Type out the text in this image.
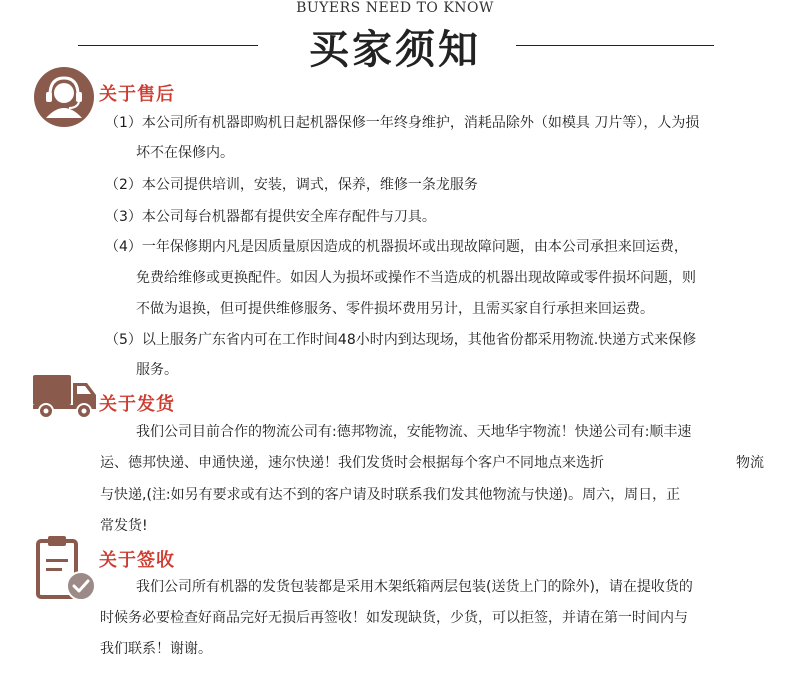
BUYERS NEED TO KNOW
买家须知
关于售后
（1）本公司所有机器即购机日起机器保修一年终身维护，消耗品除外（如模具 刀片等），人为损
坏不在保修内。
（2）本公司提供培训，安装，调式，保养，维修一条龙服务
（3）本公司每台机器都有提供安全库存配件与刀具。
（4）一年保修期内凡是因质量原因造成的机器损坏或出现故障问题，由本公司承担来回运费，
免费给维修或更换配件。如因人为损坏或操作不当造成的机器出现故障或零件损坏问题，则
不做为退换，但可提供维修服务、零件损坏费用另计，且需买家自行承担来回运费。
（5）以上服务广东省内可在工作时间48小时内到达现场，其他省份都采用物流.快递方式来保修
服务。
关于发货
我们公司目前合作的物流公司有:德邦物流，安能物流、天地华宇物流！快递公司有:顺丰速
运、德邦快递、申通快递，速尔快递！我们发货时会根据每个客户不同地点来选折	物流
与快递,(注:如另有要求或有达不到的客户请及时联系我们发其他物流与快递)。周六，周日，正
常发货!
关于签收
我们公司所有机器的发货包装都是采用木架纸箱两层包装(送货上门的除外)，请在提收货的
时候务必要检查好商品完好无损后再签收！如发现缺货，少货，可以拒签，并请在第一时间内与
我们联系！谢谢。
